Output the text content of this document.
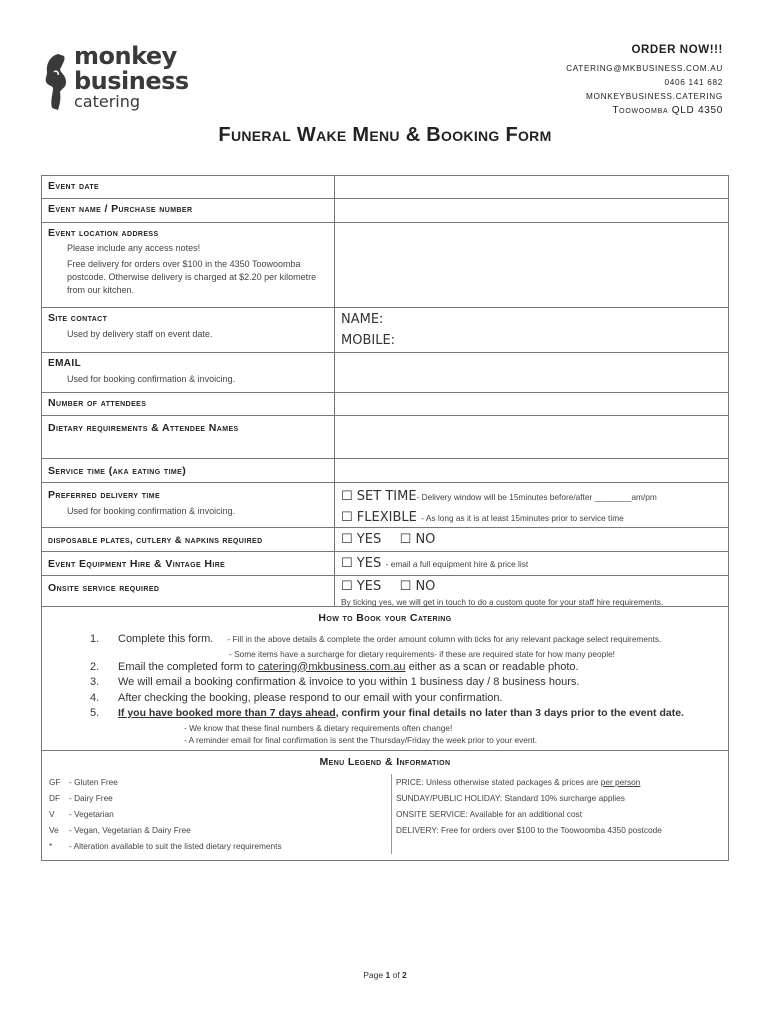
monkey
business
catering
ORDER NOW!!!
CATERING@MKBUSINESS.COM.AU
0406 141 682
MONKEYBUSINESS.CATERING
Toowoomba QLD 4350
Funeral Wake Menu & Booking Form
Event date
Event name / Purchase number
Event location address
Please include any access notes!
Free delivery for orders over $100 in the 4350 Toowoomba postcode. Otherwise delivery is charged at $2.20 per kilometre from our kitchen.
Site contact
Used by delivery staff on event date.
NAME:
MOBILE:
EMAIL
Used for booking confirmation & invoicing.
Number of attendees
Dietary requirements & Attendee Names
Service time (aka eating time)
Preferred delivery time
Used for booking confirmation & invoicing.
☐ SET TIME- Delivery window will be 15minutes before/after ________am/pm
☐ FLEXIBLE - As long as it is at least 15minutes prior to service time
disposable plates, cutlery & napkins required	☐ YES ☐ NO
Event Equipment Hire & Vintage Hire	☐ YES - email a full equipment hire & price list
Onsite service required	☐ YES ☐ NO
By ticking yes, we will get in touch to do a custom quote for your staff hire requirements.
How to Book your Catering
1.	Complete this form. - Fill in the above details & complete the order amount column with ticks for any relevant package select requirements.
- Some items have a surcharge for dietary requirements- if these are required state for how many people!
2.	Email the completed form to catering@mkbusiness.com.au either as a scan or readable photo.
3.	We will email a booking confirmation & invoice to you within 1 business day / 8 business hours.
4.	After checking the booking, please respond to our email with your confirmation.
5.	If you have booked more than 7 days ahead, confirm your final details no later than 3 days prior to the event date.
- We know that these final numbers & dietary requirements often change!
- A reminder email for final confirmation is sent the Thursday/Friday the week prior to your event.
Menu Legend & Information
GF	- Gluten Free
DF	- Dairy Free
V	- Vegetarian
Ve	- Vegan, Vegetarian & Dairy Free
*	- Alteration available to suit the listed dietary requirements
PRICE: Unless otherwise stated packages & prices are per person
SUNDAY/PUBLIC HOLIDAY: Standard 10% surcharge applies
ONSITE SERVICE: Available for an additional cost
DELIVERY: Free for orders over $100 to the Toowoomba 4350 postcode
Page 1 of 2
